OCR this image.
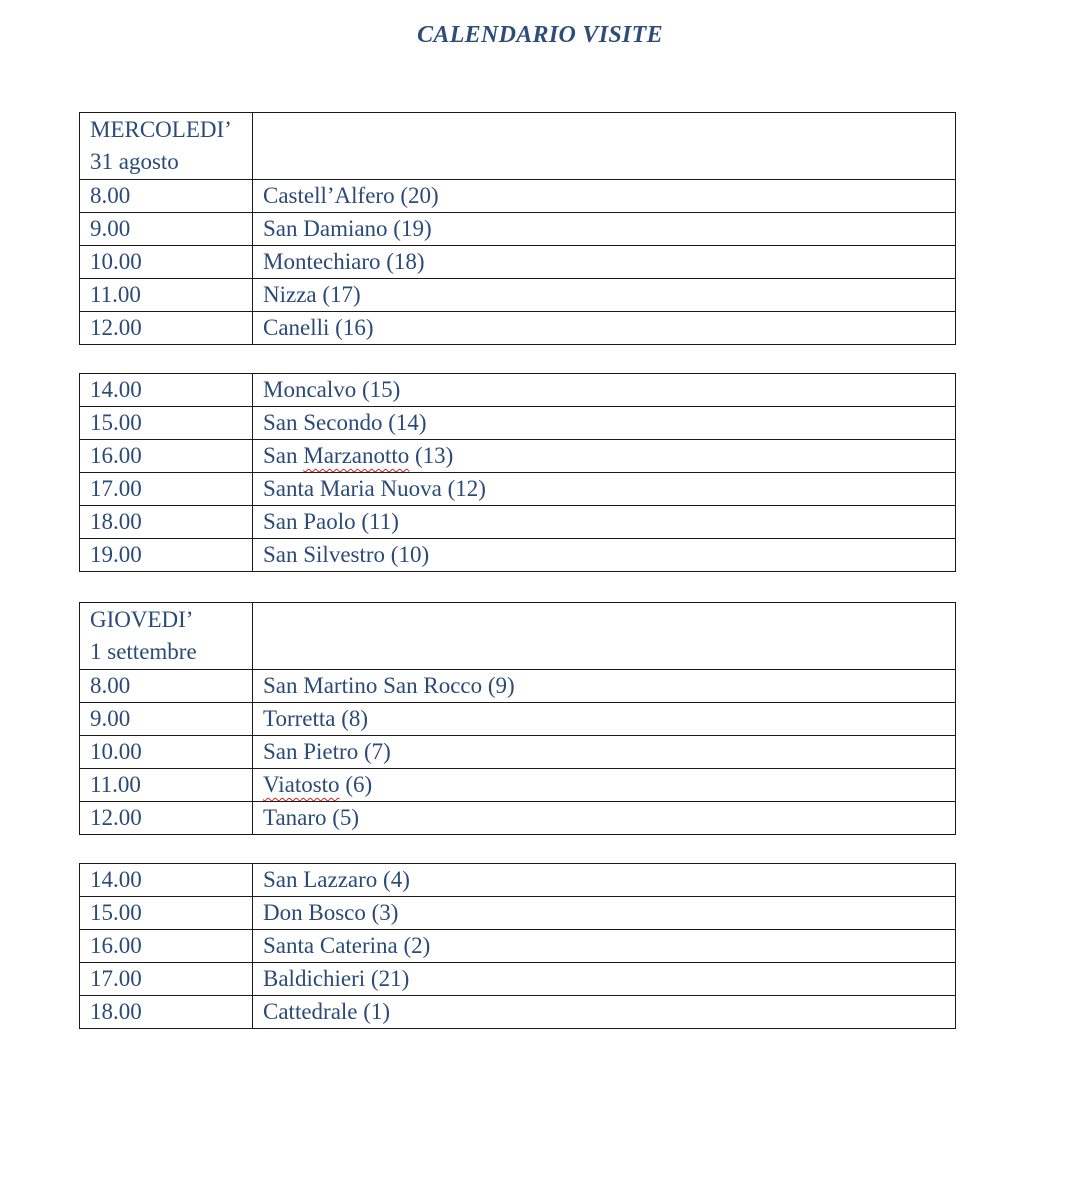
CALENDARIO VISITE
MERCOLEDI’
31 agosto	
8.00	Castell’Alfero (20)
9.00	San Damiano (19)
10.00	Montechiaro (18)
11.00	Nizza (17)
12.00	Canelli (16)
14.00	Moncalvo (15)
15.00	San Secondo (14)
16.00	San Marzanotto (13)
17.00	Santa Maria Nuova (12)
18.00	San Paolo (11)
19.00	San Silvestro (10)
GIOVEDI’
1 settembre	
8.00	San Martino San Rocco (9)
9.00	Torretta (8)
10.00	San Pietro (7)
11.00	Viatosto (6)
12.00	Tanaro (5)
14.00	San Lazzaro (4)
15.00	Don Bosco (3)
16.00	Santa Caterina (2)
17.00	Baldichieri (21)
18.00	Cattedrale (1)
